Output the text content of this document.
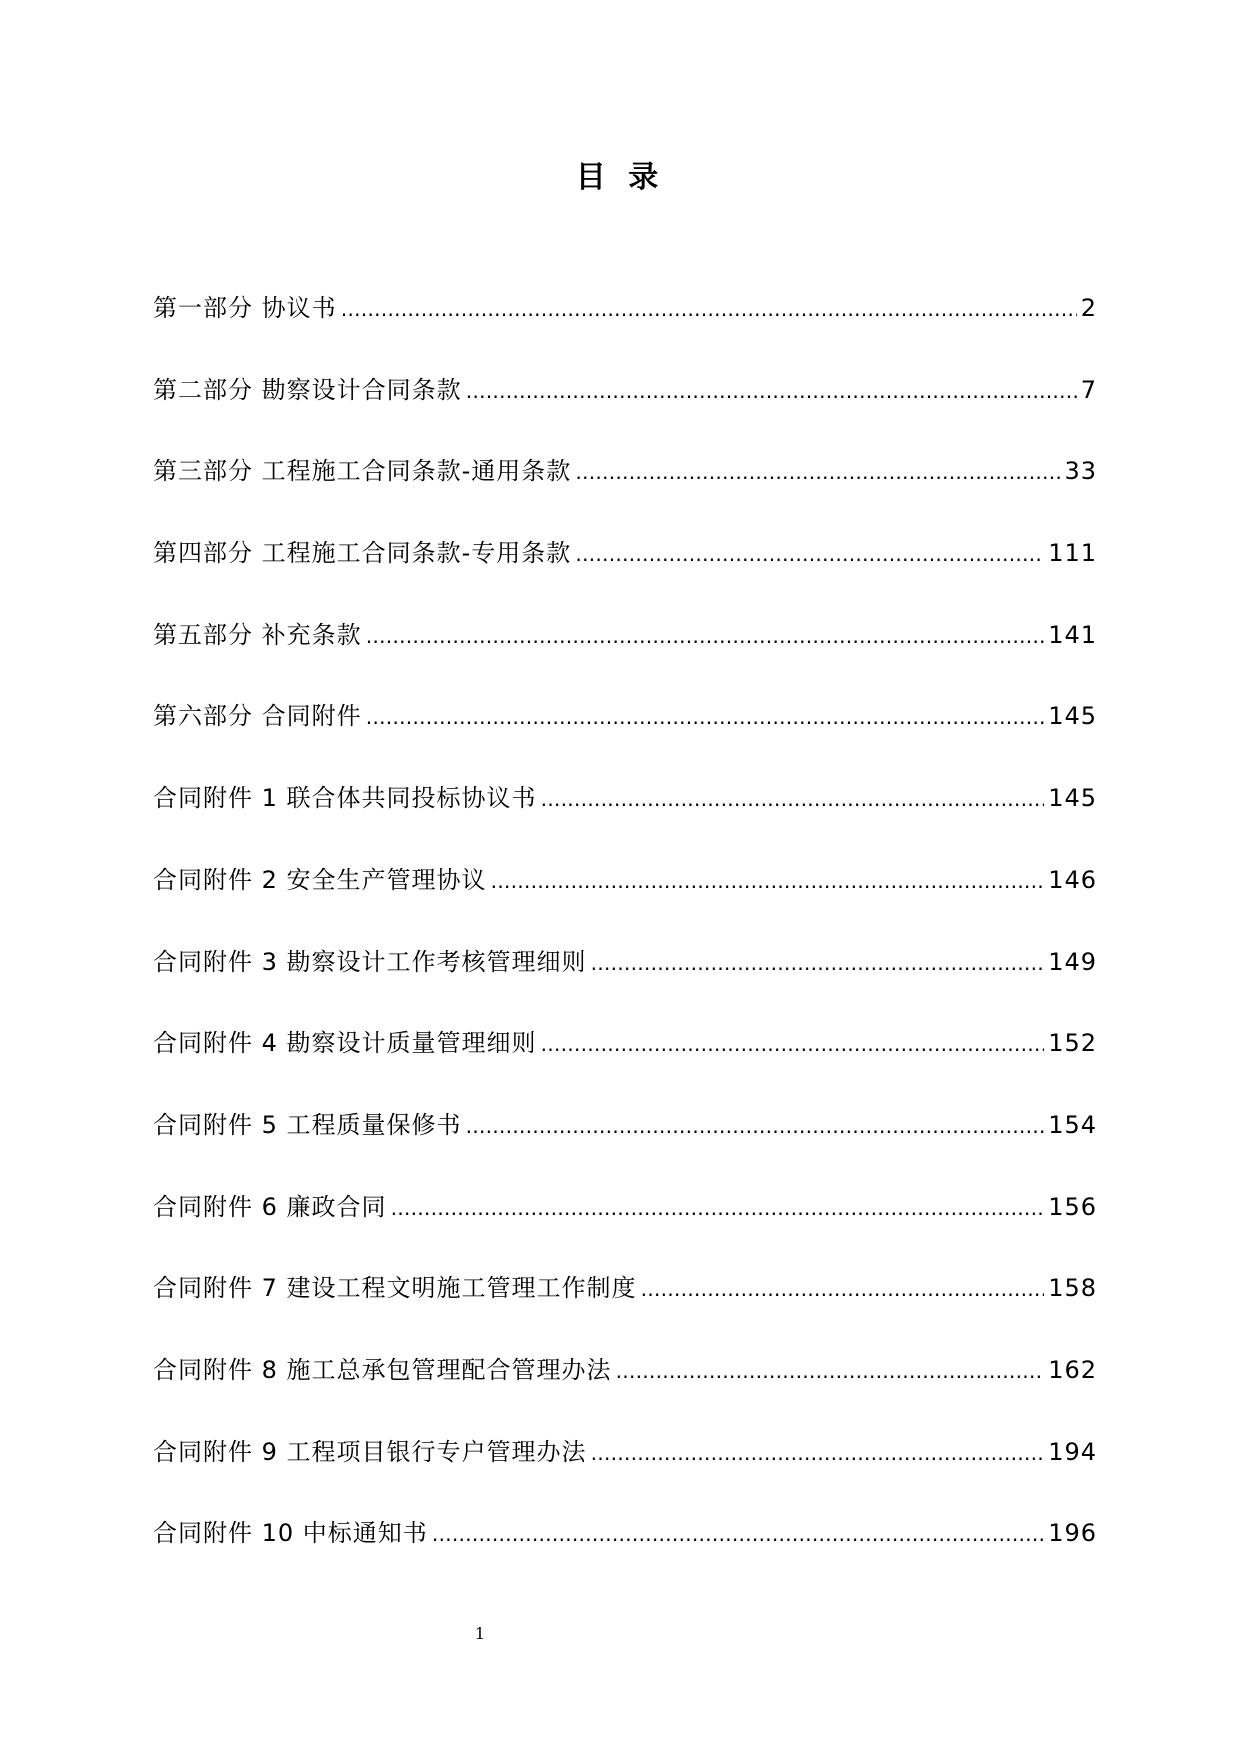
目 录
第一部分 协议书 ………………………………………………………………………………………………………………………………………………………………	2
第二部分 勘察设计合同条款 ………………………………………………………………………………………………………………………………………………………………	7
第三部分 工程施工合同条款-通用条款 ………………………………………………………………………………………………………………………………………………………………	33
第四部分 工程施工合同条款-专用条款 ………………………………………………………………………………………………………………………………………………………………	111
第五部分 补充条款 ………………………………………………………………………………………………………………………………………………………………	141
第六部分 合同附件 ………………………………………………………………………………………………………………………………………………………………	145
合同附件 1 联合体共同投标协议书 ………………………………………………………………………………………………………………………………………………………………	145
合同附件 2 安全生产管理协议 ………………………………………………………………………………………………………………………………………………………………	146
合同附件 3 勘察设计工作考核管理细则 ………………………………………………………………………………………………………………………………………………………………	149
合同附件 4 勘察设计质量管理细则 ………………………………………………………………………………………………………………………………………………………………	152
合同附件 5 工程质量保修书 ………………………………………………………………………………………………………………………………………………………………	154
合同附件 6 廉政合同 ………………………………………………………………………………………………………………………………………………………………	156
合同附件 7 建设工程文明施工管理工作制度 ………………………………………………………………………………………………………………………………………………………………	158
合同附件 8 施工总承包管理配合管理办法 ………………………………………………………………………………………………………………………………………………………………	162
合同附件 9 工程项目银行专户管理办法 ………………………………………………………………………………………………………………………………………………………………	194
合同附件 10 中标通知书 ………………………………………………………………………………………………………………………………………………………………	196
1
